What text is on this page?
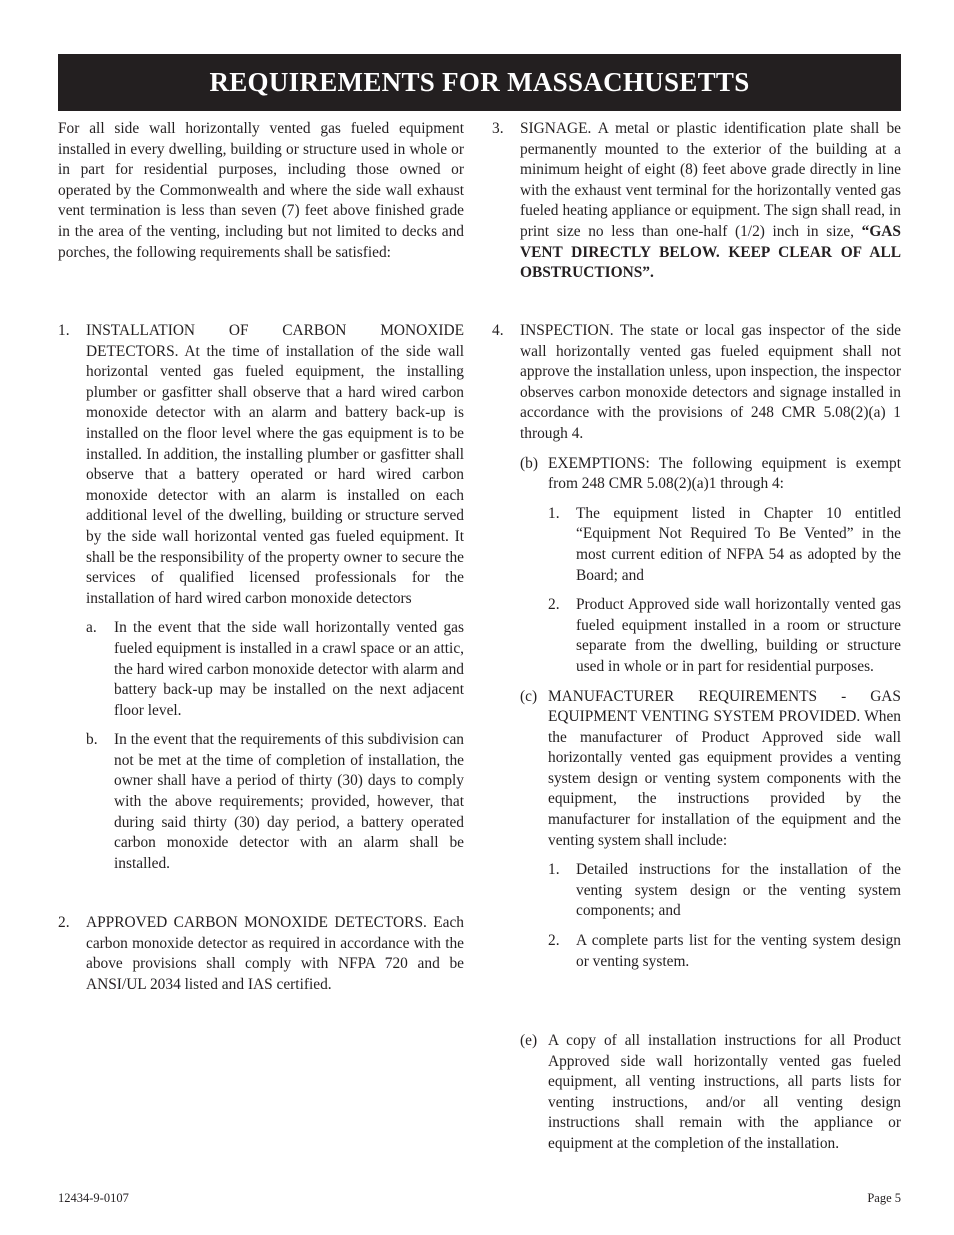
REQUIREMENTS FOR MASSACHUSETTS

For all side wall horizontally vented gas fueled equipment installed in every dwelling, building or structure used in whole or in part for residential purposes, including those owned or operated by the Commonwealth and where the side wall exhaust vent termination is less than seven (7) feet above finished grade in the area of the venting, including but not limited to decks and porches, the following requirements shall be satisfied:

1. INSTALLATION OF CARBON MONOXIDE DETECTORS. At the time of installation of the side wall horizontal vented gas fueled equipment, the installing plumber or gasfitter shall observe that a hard wired carbon monoxide detector with an alarm and battery back-up is installed on the floor level where the gas equipment is to be installed. In addition, the installing plumber or gasfitter shall observe that a battery operated or hard wired carbon monoxide detector with an alarm is installed on each additional level of the dwelling, building or structure served by the side wall horizontal vented gas fueled equipment. It shall be the responsibility of the property owner to secure the services of qualified licensed professionals for the installation of hard wired carbon monoxide detectors

a. In the event that the side wall horizontally vented gas fueled equipment is installed in a crawl space or an attic, the hard wired carbon monoxide detector with alarm and battery back-up may be installed on the next adjacent floor level.

b. In the event that the requirements of this subdivision can not be met at the time of completion of installation, the owner shall have a period of thirty (30) days to comply with the above requirements; provided, however, that during said thirty (30) day period, a battery operated carbon monoxide detector with an alarm shall be installed.

2. APPROVED CARBON MONOXIDE DETECTORS. Each carbon monoxide detector as required in accordance with the above provisions shall comply with NFPA 720 and be ANSI/UL 2034 listed and IAS certified.

3. SIGNAGE. A metal or plastic identification plate shall be permanently mounted to the exterior of the building at a minimum height of eight (8) feet above grade directly in line with the exhaust vent terminal for the horizontally vented gas fueled heating appliance or equipment. The sign shall read, in print size no less than one-half (1/2) inch in size, “GAS VENT DIRECTLY BELOW. KEEP CLEAR OF ALL OBSTRUCTIONS”.

4. INSPECTION. The state or local gas inspector of the side wall horizontally vented gas fueled equipment shall not approve the installation unless, upon inspection, the inspector observes carbon monoxide detectors and signage installed in accordance with the provisions of 248 CMR 5.08(2)(a) 1 through 4.

(b) EXEMPTIONS: The following equipment is exempt from 248 CMR 5.08(2)(a)1 through 4:

1. The equipment listed in Chapter 10 entitled “Equipment Not Required To Be Vented” in the most current edition of NFPA 54 as adopted by the Board; and

2. Product Approved side wall horizontally vented gas fueled equipment installed in a room or structure separate from the dwelling, building or structure used in whole or in part for residential purposes.

(c) MANUFACTURER REQUIREMENTS - GAS EQUIPMENT VENTING SYSTEM PROVIDED. When the manufacturer of Product Approved side wall horizontally vented gas equipment provides a venting system design or venting system components with the equipment, the instructions provided by the manufacturer for installation of the equipment and the venting system shall include:

1. Detailed instructions for the installation of the venting system design or the venting system components; and

2. A complete parts list for the venting system design or venting system.

(e) A copy of all installation instructions for all Product Approved side wall horizontally vented gas fueled equipment, all venting instructions, all parts lists for venting instructions, and/or all venting design instructions shall remain with the appliance or equipment at the completion of the installation.

12434-9-0107	Page 5
